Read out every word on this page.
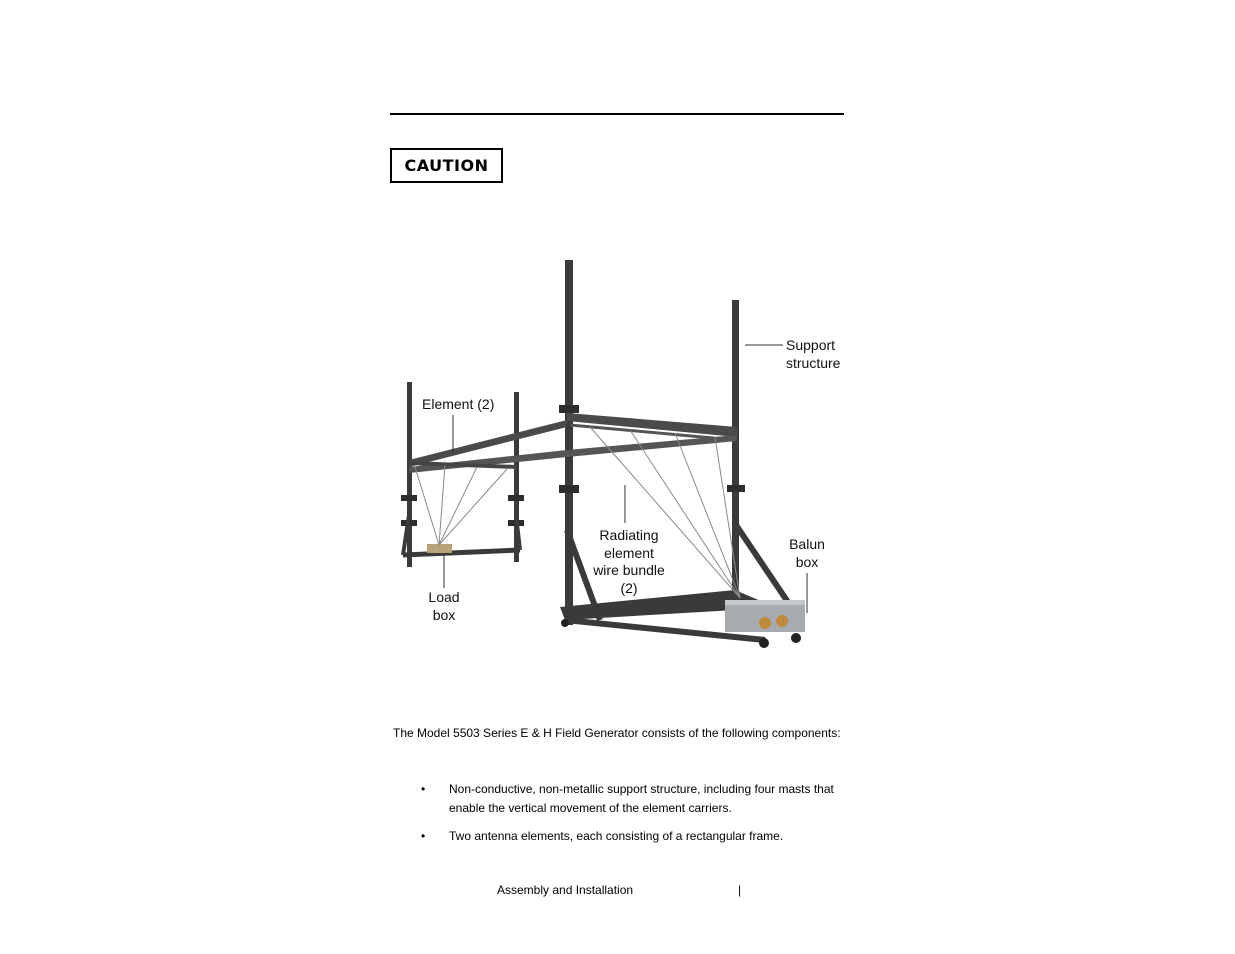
CAUTION
Support
structure
Element (2)
Radiating
element
wire bundle
(2)
Balun
box
Load
box
The Model 5503 Series E & H Field Generator consists of the following components:
• Non-conductive, non-metallic support structure, including four masts that enable the vertical movement of the element carriers.
• Two antenna elements, each consisting of a rectangular frame.
Assembly and Installation	|
